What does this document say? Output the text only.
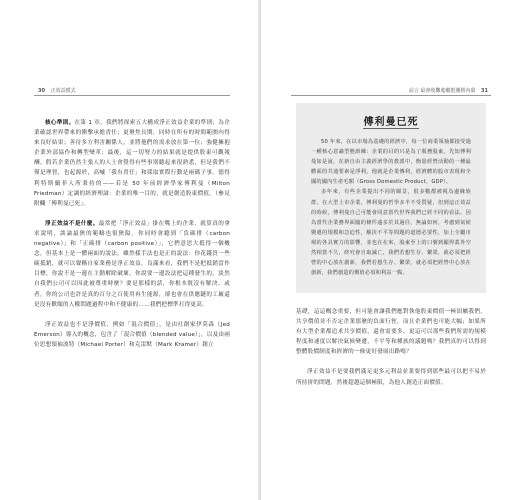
30 正效益模式

核心準則。在第 1 章，我們將探索五大構成淨正效益企業的準則；為企業確認世界帶來的衝擊承擔責任；更聚焦長期，同時在所有的時間範圍內得來良好結果；善待多方利害關係人，並將他們的需求放在第一位；強健擁抱企業外部協作和轉型變革；最後，這一切努力的結果就是提供股東可觀報酬。假若企業仍然主張人的人士會覺得有些事別聽起來很熟悉，但是我們不僅是理智，也起源於，高喊「我有責任」和採取實際行動是兩碼子事。德得利特斯蘭菲人所秉持的——若是 50 年前經濟學家傅利曼（Milton Friedman）定調的經濟理論：企業的唯一目的，就是創造股東價值。（參見附欄「傅利曼已死」。

淨正效益不是什麼。最常把「淨正效益」掛在嘴上的企業，就算真的拿求說明，談論最狹的範疇也很狹隘。你同時會聽到「負碳排（carbon negative）」和「正碳排（carbon positive）」，它們意思大抵得一個概念，但基本上是一體兩面的說法。雖然樣手法也是正的說法：你花錢買一些碳抵銷，就可以聲稱自家業務是淨正效益，良滿來看，我們不是把抵銷當作目標，你說不是一邊在主動解除破壞，你說要一邊設法把這種發生的，淡然自我們公司可以因此被尊重時麼？要是那樣的話，你根本既沒有解決、或者，你的公司也許是真的百分之百使用再生能源，卻也會在供應鏈的工廠還是沒有歡順的人權問題過程中和不健康的……我們把標準打得更高。

淨正效益也不是淨價值，例如「混合價值」，是由社創家伊莫森（Jed Emerson）導入的概念，包含了「混合價值（blended value）」，以及由兩位思想領袖波特（Michael Porter）和克雷默（Mark Kramer）創立

前言 最會收攤進繼挺潮勝內幕 31
傅利曼已死

50 年來，在以市場為基礎的經濟中，每一位商業領袖都接受過一種核心意識型態訓練：企業的目的只是為了服務股東。先知傅利曼如是說，在新自由主義經濟學的教派中，衡量經營活動的一種最體面的共通要素是淨利，他就是企業傳利，經濟體的股市表現和全國的國內生產毛額（Gross Domestic Product，GDP）。

多年來，有些企業提出不同的願景，很多數都被視為邊緣族群。在大型上市企業，傅利曼的哲學多半不受質疑，但到這正效益的時候，傅利曼自己可能會同意當代世界我們已經不同的看法。因為當代企業務界面臨的條件遠多於其過往，無論如何，考慮到氣候變遷的規模和急迫性，解決不平等問題的道德必要性，加上全屬市場的各具實力的影響，並也在在來，股東至上的口號到顯得蓋外空然相當不久，終究會自取滅亡，我們若想生存、繁榮，就必須把經營的中心放在創新，我們若想生存、繁榮，就必須把經營中心放在創新，我們創造的價值必須和利益一點。

基礎，這這概念重要，但可能會讓我們應對執他股東價值一極固屬我們，共享價值並不否定企業那麼的負面行徑，而且企業們也可能大幅；如果所有大型企業都追求共享價值，還會需要多，更這可以那些我們所需的規模程度和速度以解決氣候變遷，不平等和種族的議題嗎？我們真的可以得到整體股價制度和經濟的一條更好發展出路嗎？

淨正效益不是要我們滿足更多元利益並業要得到那些最可以把不易於所持拼的問題，然後超越這個極限，為他人創造正面價值。
